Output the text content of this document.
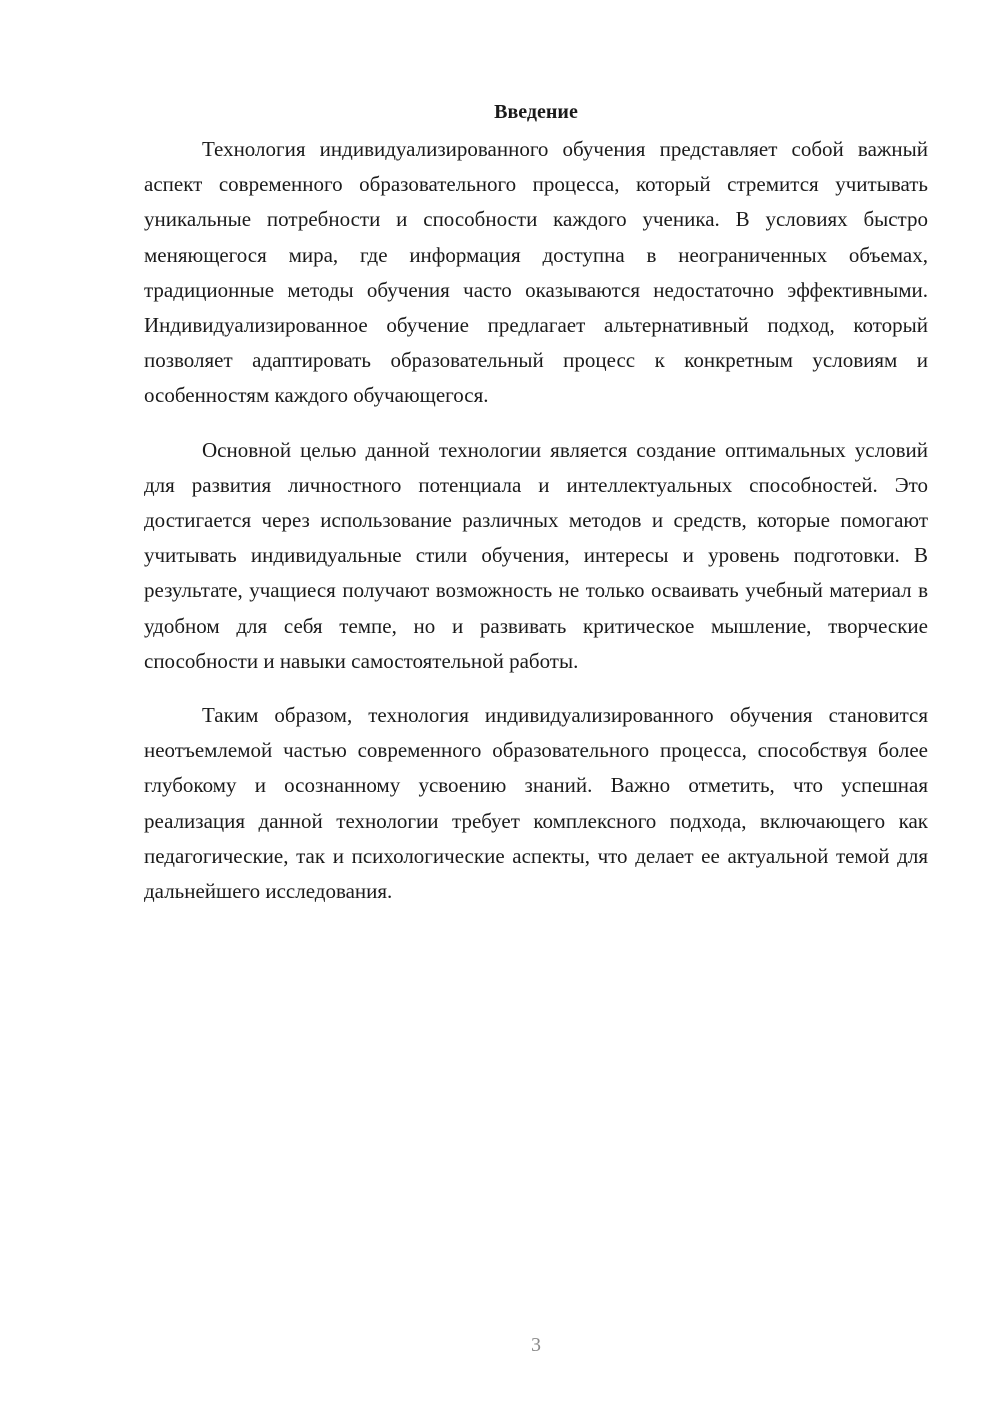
Введение

Технология индивидуализированного обучения представляет собой важный аспект современного образовательного процесса, который стремится учитывать уникальные потребности и способности каждого ученика. В условиях быстро меняющегося мира, где информация доступна в неограниченных объемах, традиционные методы обучения часто оказываются недостаточно эффективными. Индивидуализированное обучение предлагает альтернативный подход, который позволяет адаптировать образовательный процесс к конкретным условиям и особенностям каждого обучающегося.

Основной целью данной технологии является создание оптимальных условий для развития личностного потенциала и интеллектуальных способностей. Это достигается через использование различных методов и средств, которые помогают учитывать индивидуальные стили обучения, интересы и уровень подготовки. В результате, учащиеся получают возможность не только осваивать учебный материал в удобном для себя темпе, но и развивать критическое мышление, творческие способности и навыки самостоятельной работы.

Таким образом, технология индивидуализированного обучения становится неотъемлемой частью современного образовательного процесса, способствуя более глубокому и осознанному усвоению знаний. Важно отметить, что успешная реализация данной технологии требует комплексного подхода, включающего как педагогические, так и психологические аспекты, что делает ее актуальной темой для дальнейшего исследования.

3
